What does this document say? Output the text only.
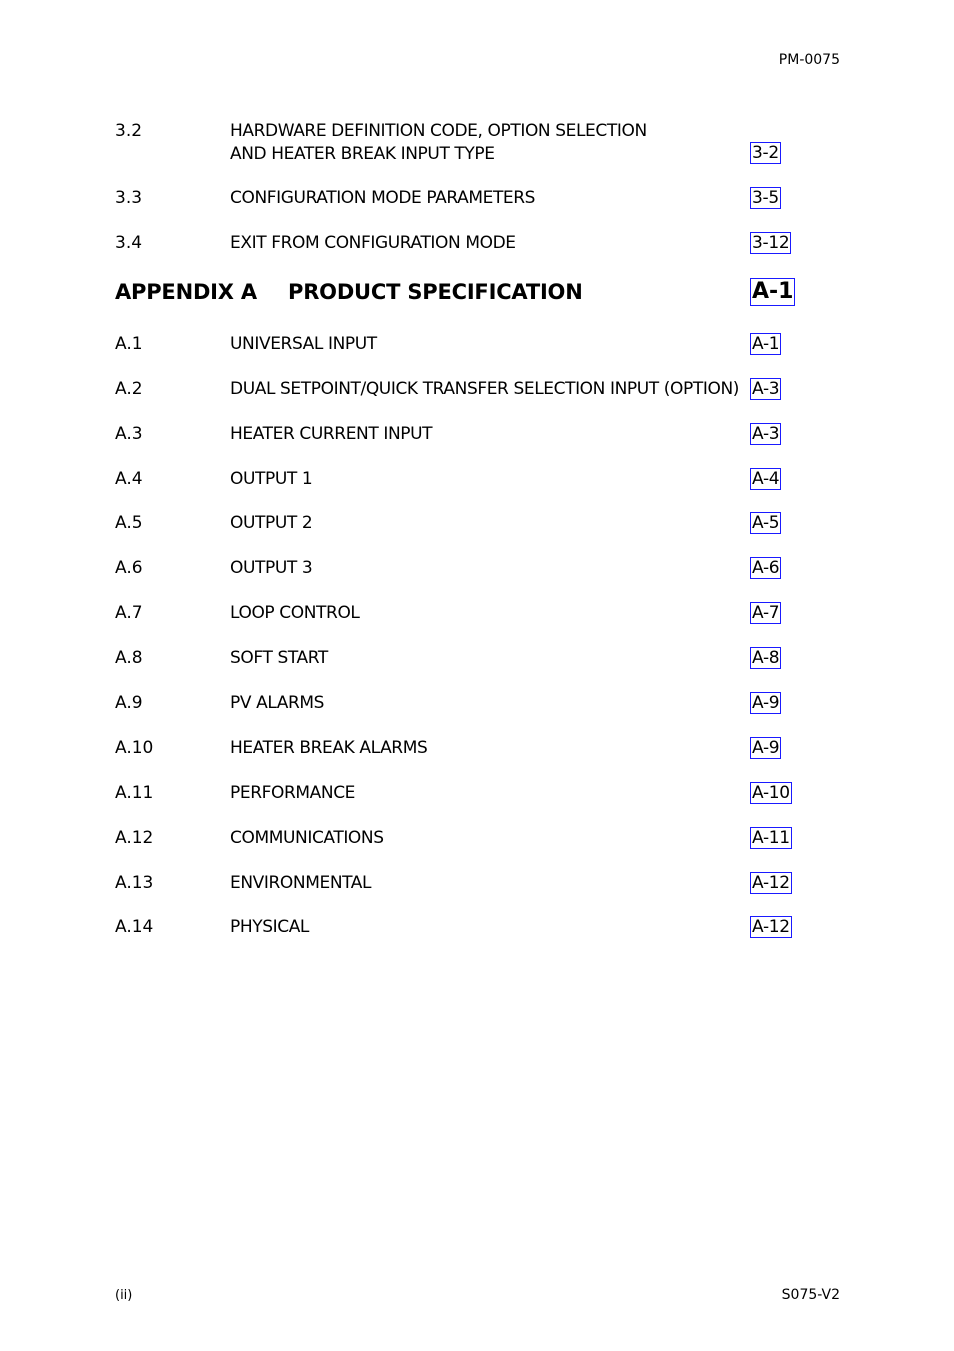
PM-0075
3.2	HARDWARE DEFINITION CODE, OPTION SELECTION
AND HEATER BREAK INPUT TYPE	3-2
3.3	CONFIGURATION MODE PARAMETERS	3-5
3.4	EXIT FROM CONFIGURATION MODE	3-12
APPENDIX A PRODUCT SPECIFICATION	A-1
A.1	UNIVERSAL INPUT	A-1
A.2	DUAL SETPOINT/QUICK TRANSFER SELECTION INPUT (OPTION) A-3
A.3	HEATER CURRENT INPUT	A-3
A.4	OUTPUT 1	A-4
A.5	OUTPUT 2	A-5
A.6	OUTPUT 3	A-6
A.7	LOOP CONTROL	A-7
A.8	SOFT START	A-8
A.9	PV ALARMS	A-9
A.10	HEATER BREAK ALARMS	A-9
A.11	PERFORMANCE	A-10
A.12	COMMUNICATIONS	A-11
A.13	ENVIRONMENTAL	A-12
A.14	PHYSICAL	A-12
(ii)	S075-V2
